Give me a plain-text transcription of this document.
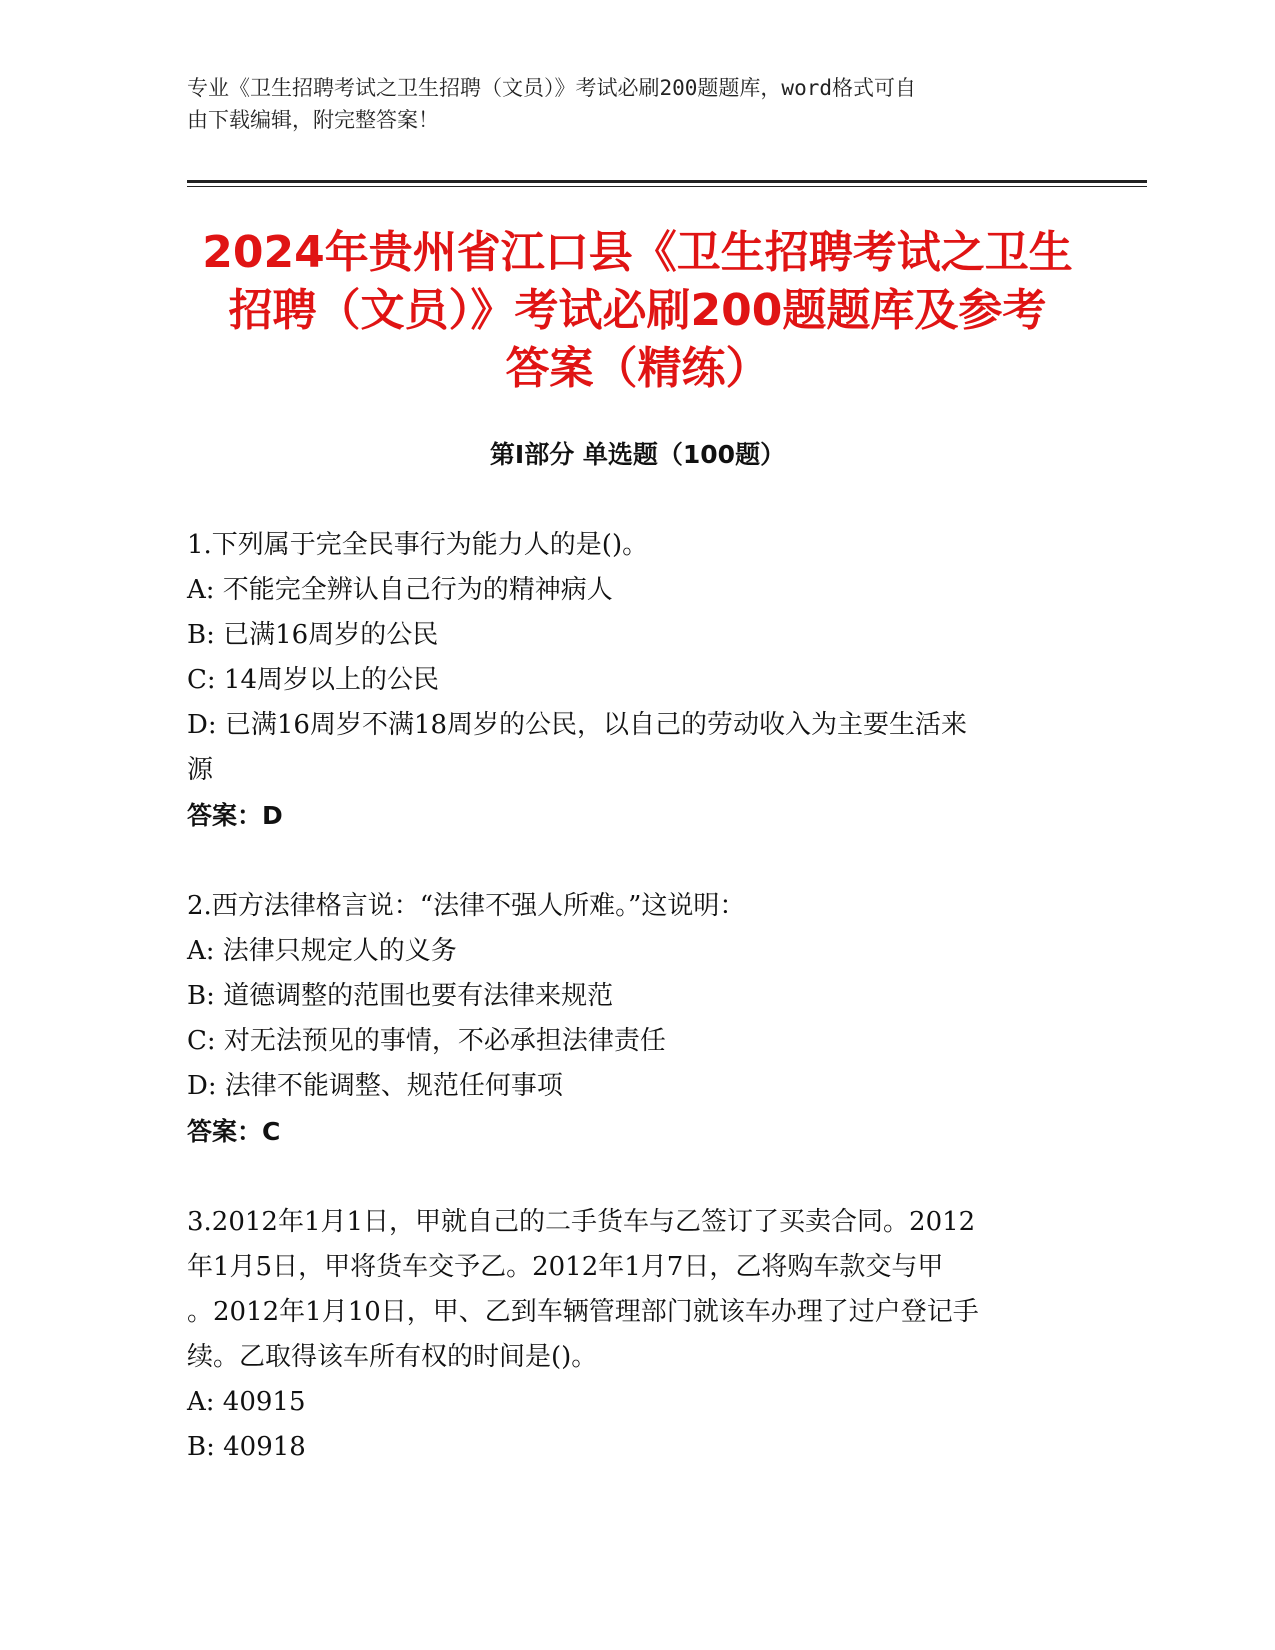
专业《卫生招聘考试之卫生招聘（文员）》考试必刷200题题库，word格式可自
由下载编辑，附完整答案！
2024年贵州省江口县《卫生招聘考试之卫生
招聘（文员）》考试必刷200题题库及参考
答案（精练）
第Ⅰ部分 单选题（100题）
1.下列属于完全民事行为能力人的是()。
A: 不能完全辨认自己行为的精神病人
B: 已满16周岁的公民
C: 14周岁以上的公民
D: 已满16周岁不满18周岁的公民，以自己的劳动收入为主要生活来
源
答案：D
2.西方法律格言说：“法律不强人所难。”这说明：
A: 法律只规定人的义务
B: 道德调整的范围也要有法律来规范
C: 对无法预见的事情，不必承担法律责任
D: 法律不能调整、规范任何事项
答案：C
3.2012年1月1日，甲就自己的二手货车与乙签订了买卖合同。2012
年1月5日，甲将货车交予乙。2012年1月7日，乙将购车款交与甲
。2012年1月10日，甲、乙到车辆管理部门就该车办理了过户登记手
续。乙取得该车所有权的时间是()。
A: 40915
B: 40918
